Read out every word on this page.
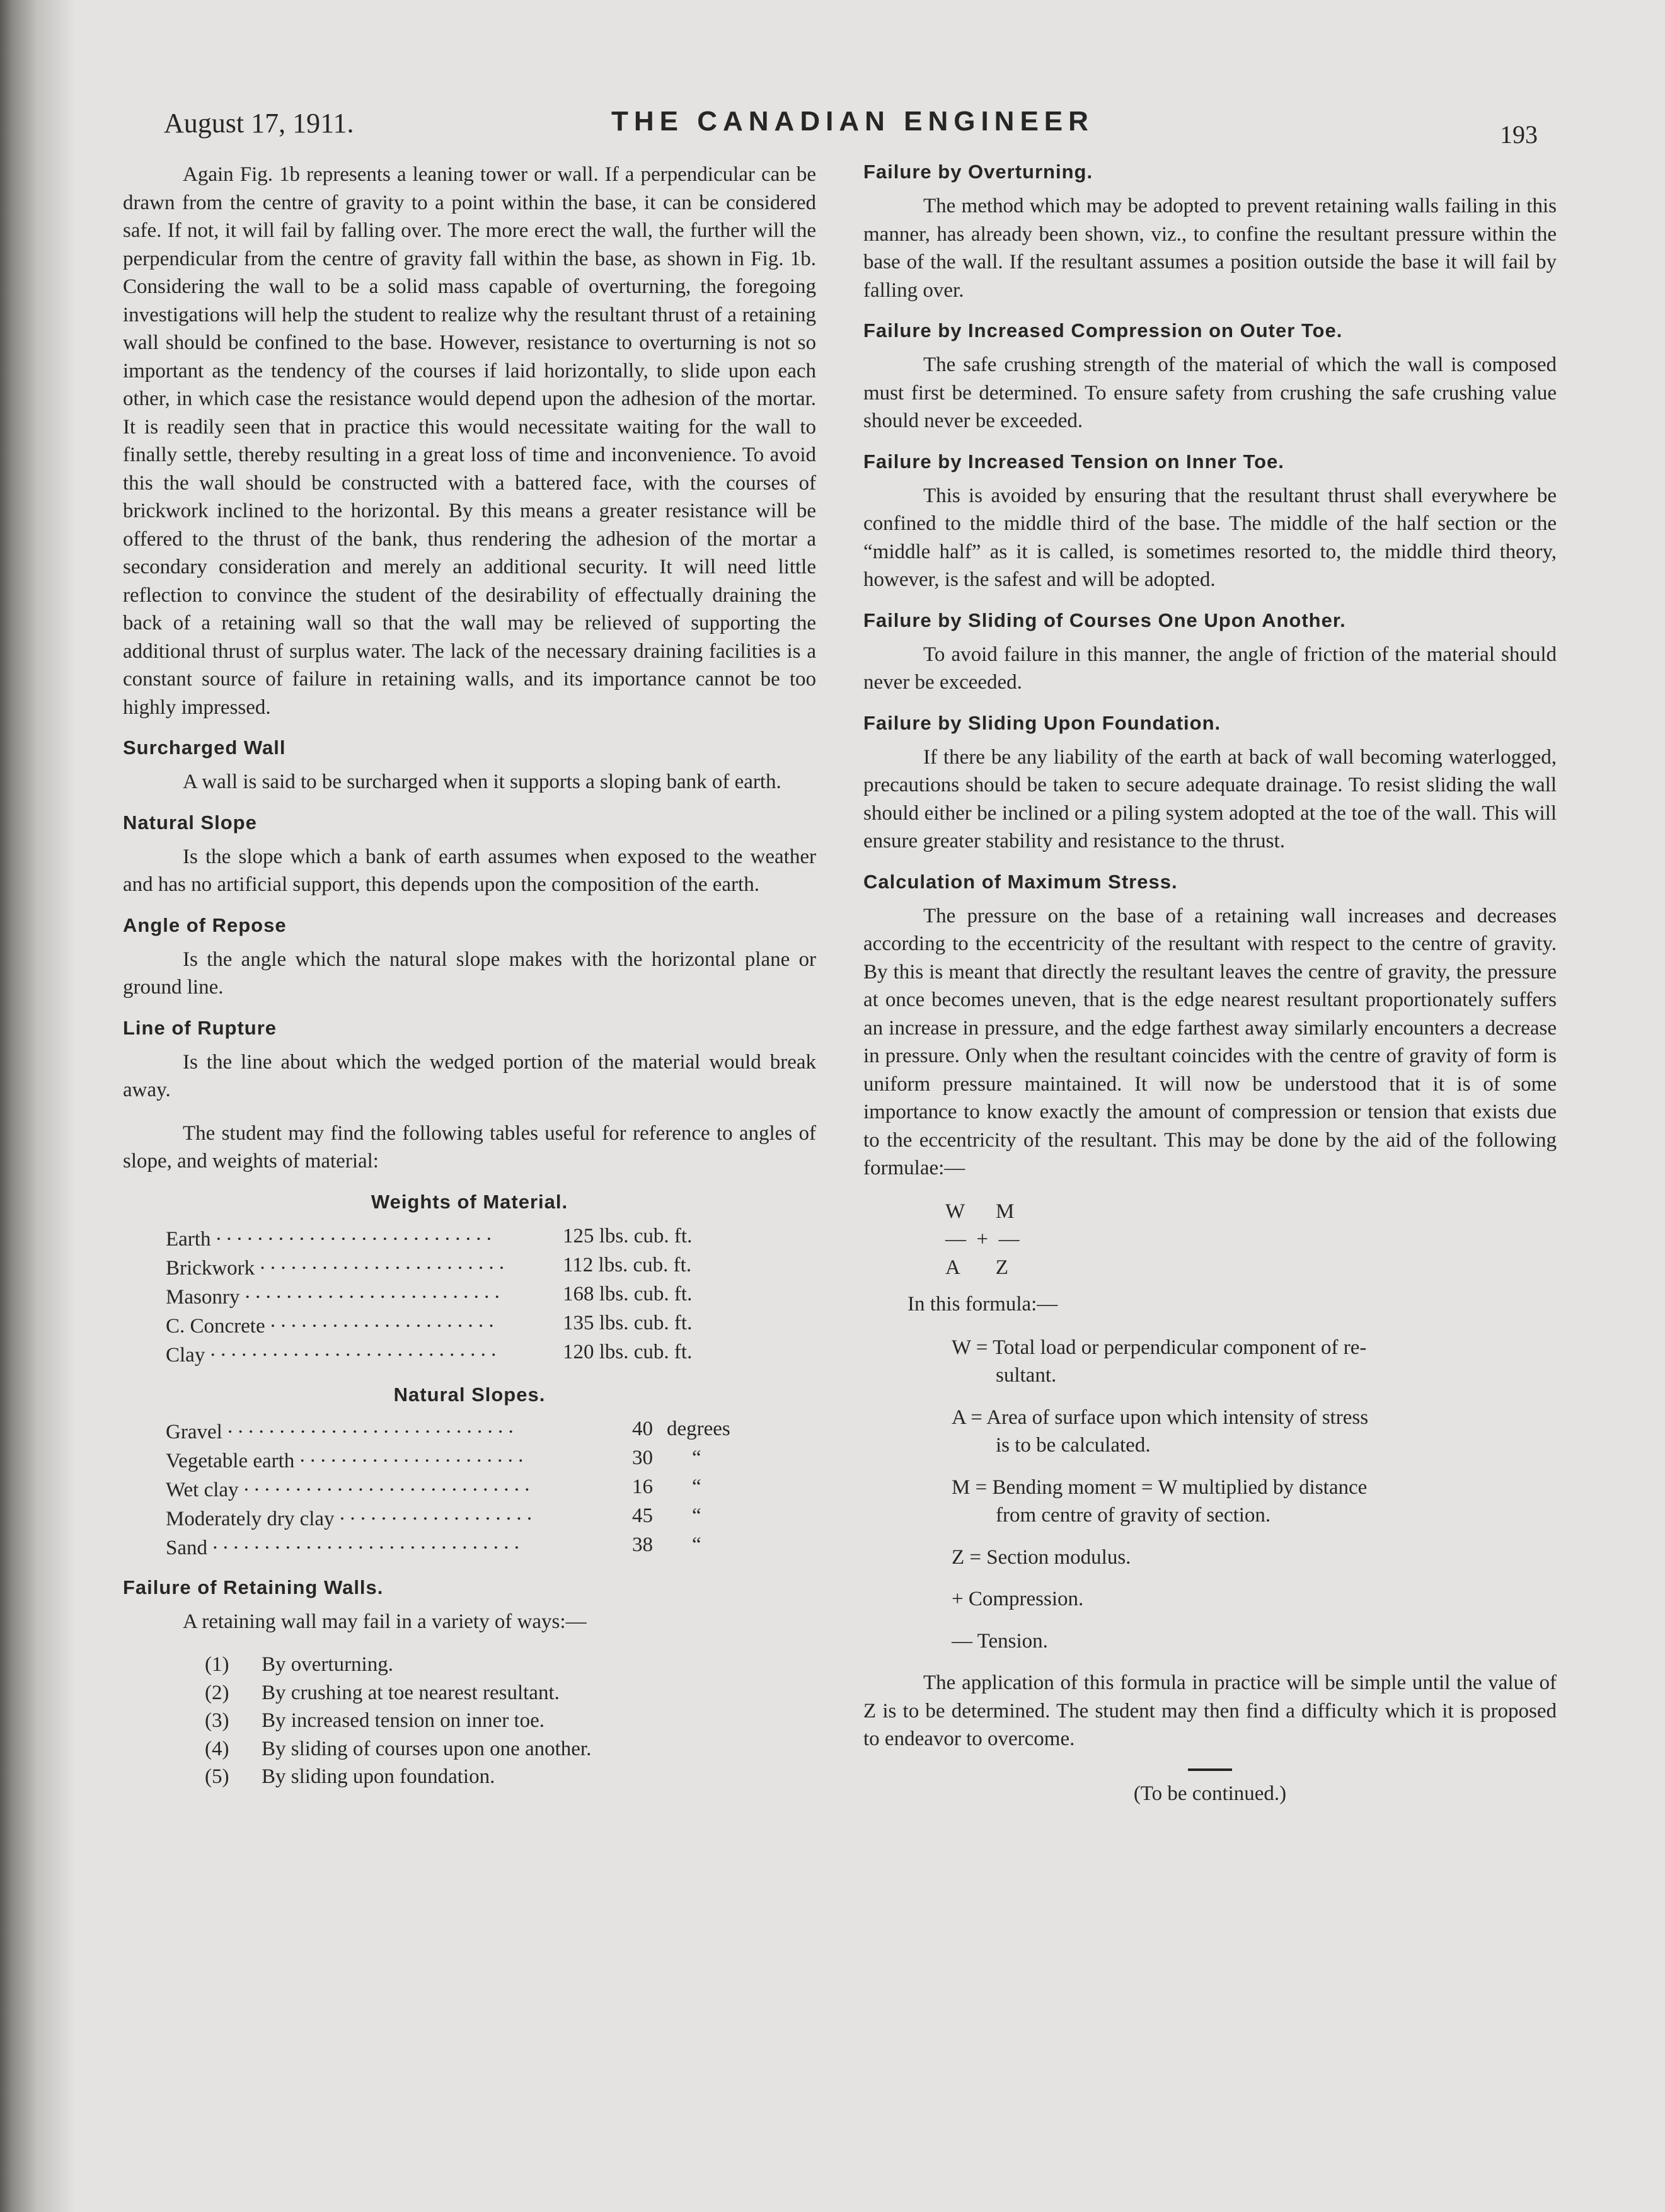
August 17, 1911.	THE CANADIAN ENGINEER	193

Again Fig. 1b represents a leaning tower or wall. If a perpendicular can be drawn from the centre of gravity to a point within the base, it can be considered safe. If not, it will fail by falling over. The more erect the wall, the further will the perpendicular from the centre of gravity fall within the base, as shown in Fig. 1b. Considering the wall to be a solid mass capable of overturning, the foregoing investigations will help the student to realize why the resultant thrust of a retaining wall should be confined to the base. However, resistance to overturning is not so important as the tendency of the courses if laid horizontally, to slide upon each other, in which case the resistance would depend upon the adhesion of the mortar. It is readily seen that in practice this would necessitate waiting for the wall to finally settle, thereby resulting in a great loss of time and inconvenience. To avoid this the wall should be constructed with a battered face, with the courses of brickwork inclined to the horizontal. By this means a greater resistance will be offered to the thrust of the bank, thus rendering the adhesion of the mortar a secondary consideration and merely an additional security. It will need little reflection to convince the student of the desirability of effectually draining the back of a retaining wall so that the wall may be relieved of supporting the additional thrust of surplus water. The lack of the necessary draining facilities is a constant source of failure in retaining walls, and its importance cannot be too highly impressed.

Surcharged Wall

A wall is said to be surcharged when it supports a sloping bank of earth.

Natural Slope

Is the slope which a bank of earth assumes when exposed to the weather and has no artificial support, this depends upon the composition of the earth.

Angle of Repose

Is the angle which the natural slope makes with the horizontal plane or ground line.

Line of Rupture

Is the line about which the wedged portion of the material would break away.

The student may find the following tables useful for reference to angles of slope, and weights of material:

Weights of Material.
Earth . . . . . . . . . . . . . . . . . . . . . . . . . . .	125 lbs. cub. ft.
Brickwork . . . . . . . . . . . . . . . . . . . . . . . .	112 lbs. cub. ft.
Masonry . . . . . . . . . . . . . . . . . . . . . . . . .	168 lbs. cub. ft.
C. Concrete . . . . . . . . . . . . . . . . . . . . . .	135 lbs. cub. ft.
Clay . . . . . . . . . . . . . . . . . . . . . . . . . . . .	120 lbs. cub. ft.
Natural Slopes.
Gravel . . . . . . . . . . . . . . . . . . . . . . . . . . . .	40	degrees
Vegetable earth . . . . . . . . . . . . . . . . . . . . . .	30	“
Wet clay . . . . . . . . . . . . . . . . . . . . . . . . . . . .	16	“
Moderately dry clay . . . . . . . . . . . . . . . . . . .	45	“
Sand . . . . . . . . . . . . . . . . . . . . . . . . . . . . . .	38	“
Failure of Retaining Walls.

A retaining wall may fail in a variety of ways:—

(1) By overturning.
(2) By crushing at toe nearest resultant.
(3) By increased tension on inner toe.
(4) By sliding of courses upon one another.
(5) By sliding upon foundation.
Failure by Overturning.

The method which may be adopted to prevent retaining walls failing in this manner, has already been shown, viz., to confine the resultant pressure within the base of the wall. If the resultant assumes a position outside the base it will fail by falling over.

Failure by Increased Compression on Outer Toe.

The safe crushing strength of the material of which the wall is composed must first be determined. To ensure safety from crushing the safe crushing value should never be exceeded.

Failure by Increased Tension on Inner Toe.

This is avoided by ensuring that the resultant thrust shall everywhere be confined to the middle third of the base. The middle of the half section or the “middle half” as it is called, is sometimes resorted to, the middle third theory, however, is the safest and will be adopted.

Failure by Sliding of Courses One Upon Another.

To avoid failure in this manner, the angle of friction of the material should never be exceeded.

Failure by Sliding Upon Foundation.

If there be any liability of the earth at back of wall becoming waterlogged, precautions should be taken to secure adequate drainage. To resist sliding the wall should either be inclined or a piling system adopted at the toe of the wall. This will ensure greater stability and resistance to the thrust.

Calculation of Maximum Stress.

The pressure on the base of a retaining wall increases and decreases according to the eccentricity of the resultant with respect to the centre of gravity. By this is meant that directly the resultant leaves the centre of gravity, the pressure at once becomes uneven, that is the edge nearest resultant proportionately suffers an increase in pressure, and the edge farthest away similarly encounters a decrease in pressure. Only when the resultant coincides with the centre of gravity of form is uniform pressure maintained. It will now be understood that it is of some importance to know exactly the amount of compression or tension that exists due to the eccentricity of the resultant. This may be done by the aid of the following formulae:—

W      M
—  +  —
A       Z

In this formula:—

W = Total load or perpendicular component of re-
sultant.
A = Area of surface upon which intensity of stress
is to be calculated.
M = Bending moment = W multiplied by distance
from centre of gravity of section.
Z = Section modulus.
+ Compression.
— Tension.

The application of this formula in practice will be simple until the value of Z is to be determined. The student may then find a difficulty which it is proposed to endeavor to overcome.

(To be continued.)
